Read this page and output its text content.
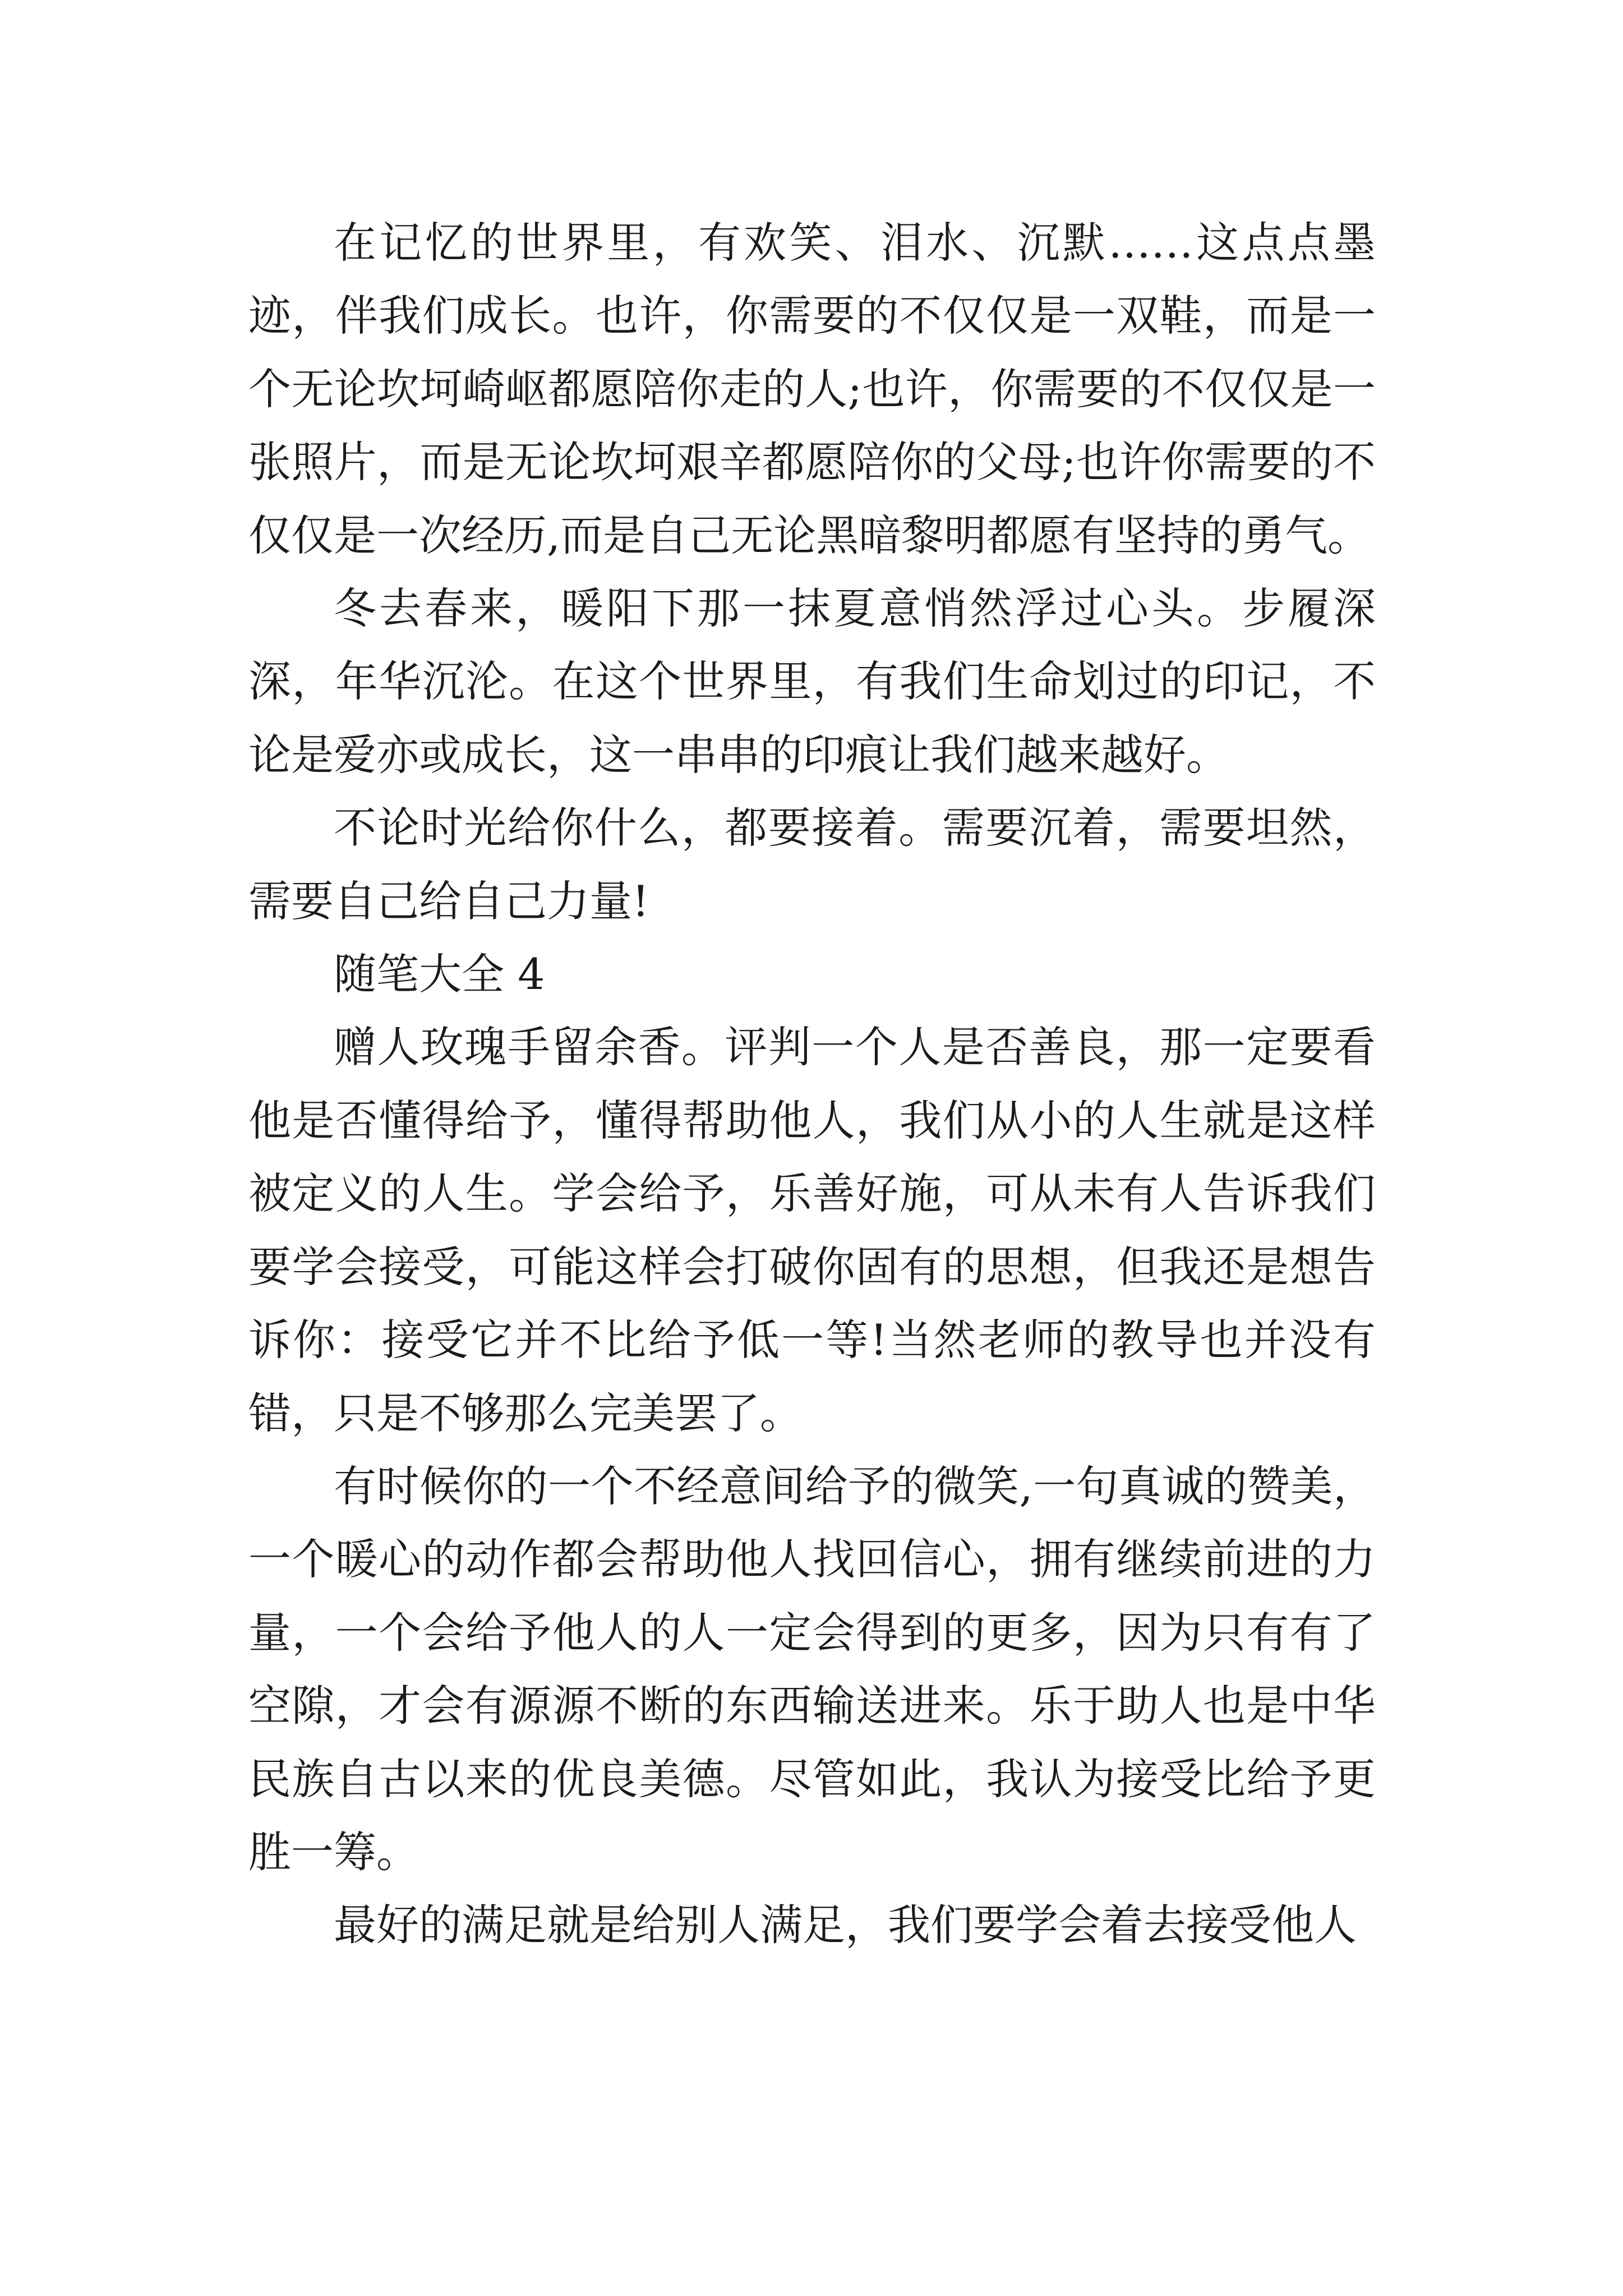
在记忆的世界里，有欢笑、泪水、沉默……这点点墨迹，伴我们成长。也许，你需要的不仅仅是一双鞋，而是一个无论坎坷崎岖都愿陪你走的人;也许，你需要的不仅仅是一张照片，而是无论坎坷艰辛都愿陪你的父母;也许你需要的不仅仅是一次经历,而是自己无论黑暗黎明都愿有坚持的勇气。

冬去春来，暖阳下那一抹夏意悄然浮过心头。步履深深，年华沉沦。在这个世界里，有我们生命划过的印记，不论是爱亦或成长，这一串串的印痕让我们越来越好。

不论时光给你什么，都要接着。需要沉着，需要坦然，需要自己给自己力量!

随笔大全 4

赠人玫瑰手留余香。评判一个人是否善良，那一定要看他是否懂得给予，懂得帮助他人，我们从小的人生就是这样被定义的人生。学会给予，乐善好施，可从未有人告诉我们要学会接受，可能这样会打破你固有的思想，但我还是想告诉你：接受它并不比给予低一等!当然老师的教导也并没有错，只是不够那么完美罢了。

有时候你的一个不经意间给予的微笑,一句真诚的赞美，一个暖心的动作都会帮助他人找回信心，拥有继续前进的力量，一个会给予他人的人一定会得到的更多，因为只有有了空隙，才会有源源不断的东西输送进来。乐于助人也是中华民族自古以来的优良美德。尽管如此，我认为接受比给予更胜一筹。

最好的满足就是给别人满足，我们要学会着去接受他人
